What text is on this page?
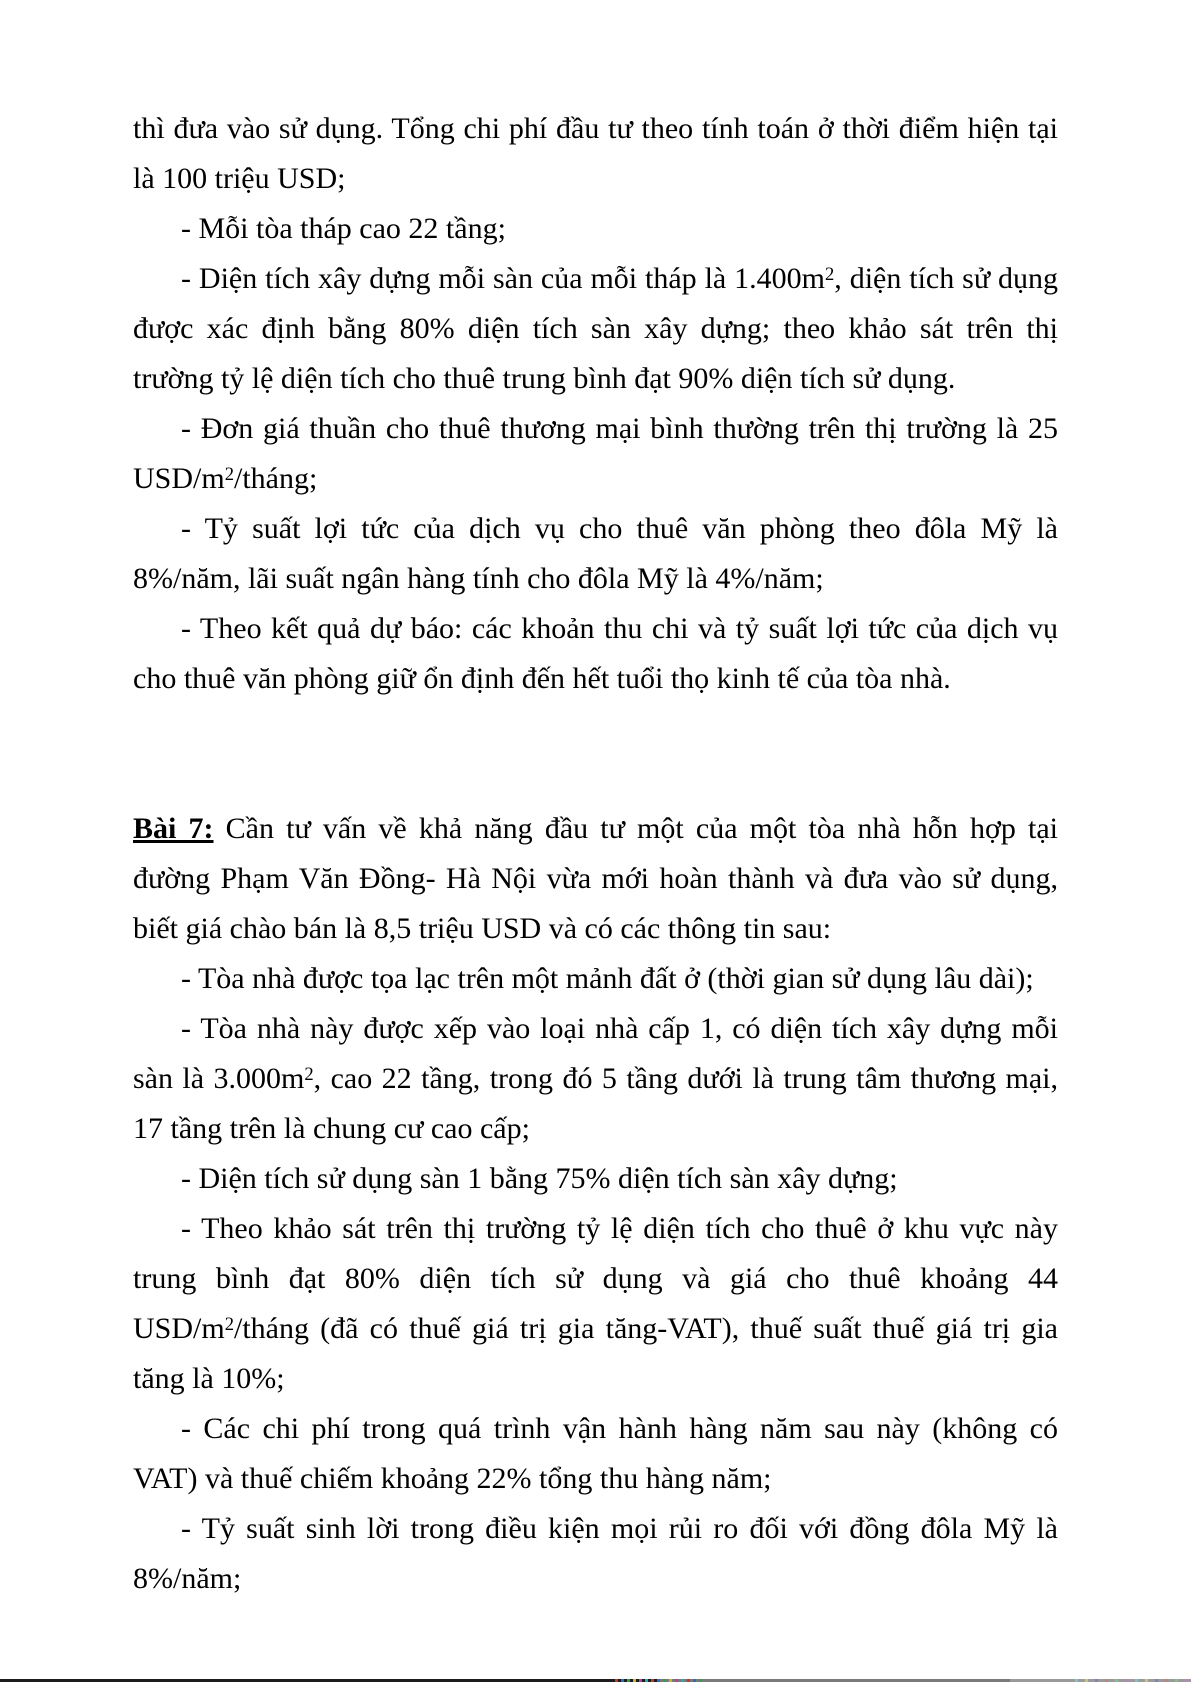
thì đưa vào sử dụng. Tổng chi phí đầu tư theo tính toán ở thời điểm hiện tại là 100 triệu USD;

- Mỗi tòa tháp cao 22 tầng;

- Diện tích xây dựng mỗi sàn của mỗi tháp là $1.400m^2$, diện tích sử dụng được xác định bằng 80% diện tích sàn xây dựng; theo khảo sát trên thị trường tỷ lệ diện tích cho thuê trung bình đạt 90% diện tích sử dụng.

- Đơn giá thuần cho thuê thương mại bình thường trên thị trường là 25 USD/$m^2$/tháng;

- Tỷ suất lợi tức của dịch vụ cho thuê văn phòng theo đôla Mỹ là 8%/năm, lãi suất ngân hàng tính cho đôla Mỹ là 4%/năm;

- Theo kết quả dự báo: các khoản thu chi và tỷ suất lợi tức của dịch vụ cho thuê văn phòng giữ ổn định đến hết tuổi thọ kinh tế của tòa nhà.

Bài 7: Cần tư vấn về khả năng đầu tư một của một tòa nhà hỗn hợp tại đường Phạm Văn Đồng- Hà Nội vừa mới hoàn thành và đưa vào sử dụng, biết giá chào bán là 8,5 triệu USD và có các thông tin sau:

- Tòa nhà được tọa lạc trên một mảnh đất ở (thời gian sử dụng lâu dài);

- Tòa nhà này được xếp vào loại nhà cấp 1, có diện tích xây dựng mỗi sàn là $3.000m^2$, cao 22 tầng, trong đó 5 tầng dưới là trung tâm thương mại, 17 tầng trên là chung cư cao cấp;

- Diện tích sử dụng sàn 1 bằng 75% diện tích sàn xây dựng;

- Theo khảo sát trên thị trường tỷ lệ diện tích cho thuê ở khu vực này trung bình đạt 80% diện tích sử dụng và giá cho thuê khoảng 44 USD/$m^2$/tháng (đã có thuế giá trị gia tăng-VAT), thuế suất thuế giá trị gia tăng là 10%;

- Các chi phí trong quá trình vận hành hàng năm sau này (không có VAT) và thuế chiếm khoảng 22% tổng thu hàng năm;

- Tỷ suất sinh lời trong điều kiện mọi rủi ro đối với đồng đôla Mỹ là 8%/năm;
